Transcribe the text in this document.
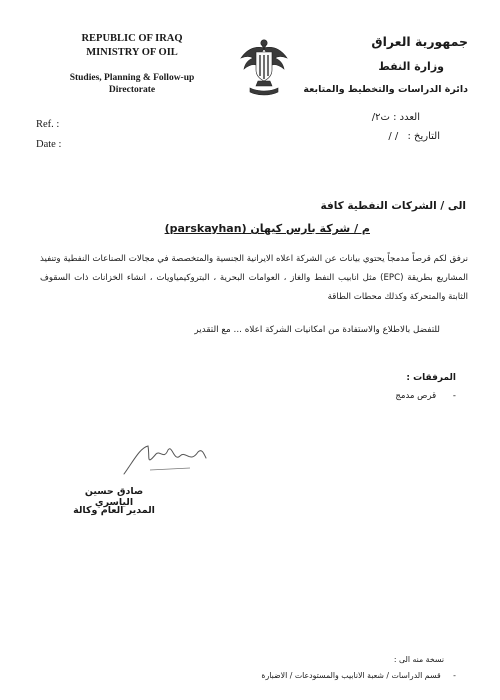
REPUBLIC OF IRAQ
MINISTRY OF OIL
Studies, Planning & Follow-up
Directorate
جمهورية العراق
وزارة النفط
دائرة الدراسات والتخطيط والمتابعة
Ref. :
Date :
العدد : ت٢/
التاريخ : / /
الى / الشركات النفطية كافة
م / شركة بارس كيهان (parskayhan)
نرفق لكم قرصاً مدمجاً يحتوي بيانات عن الشركة اعلاه الايرانية الجنسية والمتخصصة في مجالات الصناعات النفطية وتنفيذ المشاريع بطريقة (EPC) مثل انابيب النفط والغاز ، العوامات البحرية ، البتروكيمياويات ، انشاء الخزانات ذات السقوف الثابتة والمتحركة وكذلك محطات الطاقة
للتفضل بالاطلاع والاستفادة من امكانيات الشركة اعلاه ... مع التقدير
المرفقات :
- قرص مدمج
صادق حسين الياسري
المدير العام وكالة
نسخة منه الى :
- قسم الدراسات / شعبة الانابيب والمستودعات / الاضبارة
